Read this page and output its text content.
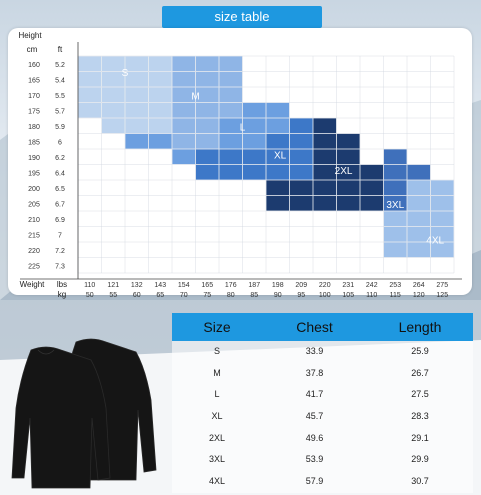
size table
Height
cm	ft
Weight lbs
kg
160
165
170
175
180
185
190
195
200
205
210
215
220
225
5.2
5.4
5.5
5.7
5.9
6
6.2
6.4
6.5
6.7
6.9
7
7.2
7.3
110 121 132 143 154 165 176 187 198 209 220 231 242 253 264 275
50 55 60 65 70 75 80 85 90 95 100 105 110 115 120 125
S
M
L
XL
2XL
3XL
4XL
Size	Chest	Length
S	33.9	25.9
M	37.8	26.7
L	41.7	27.5
XL	45.7	28.3
2XL	49.6	29.1
3XL	53.9	29.9
4XL	57.9	30.7
